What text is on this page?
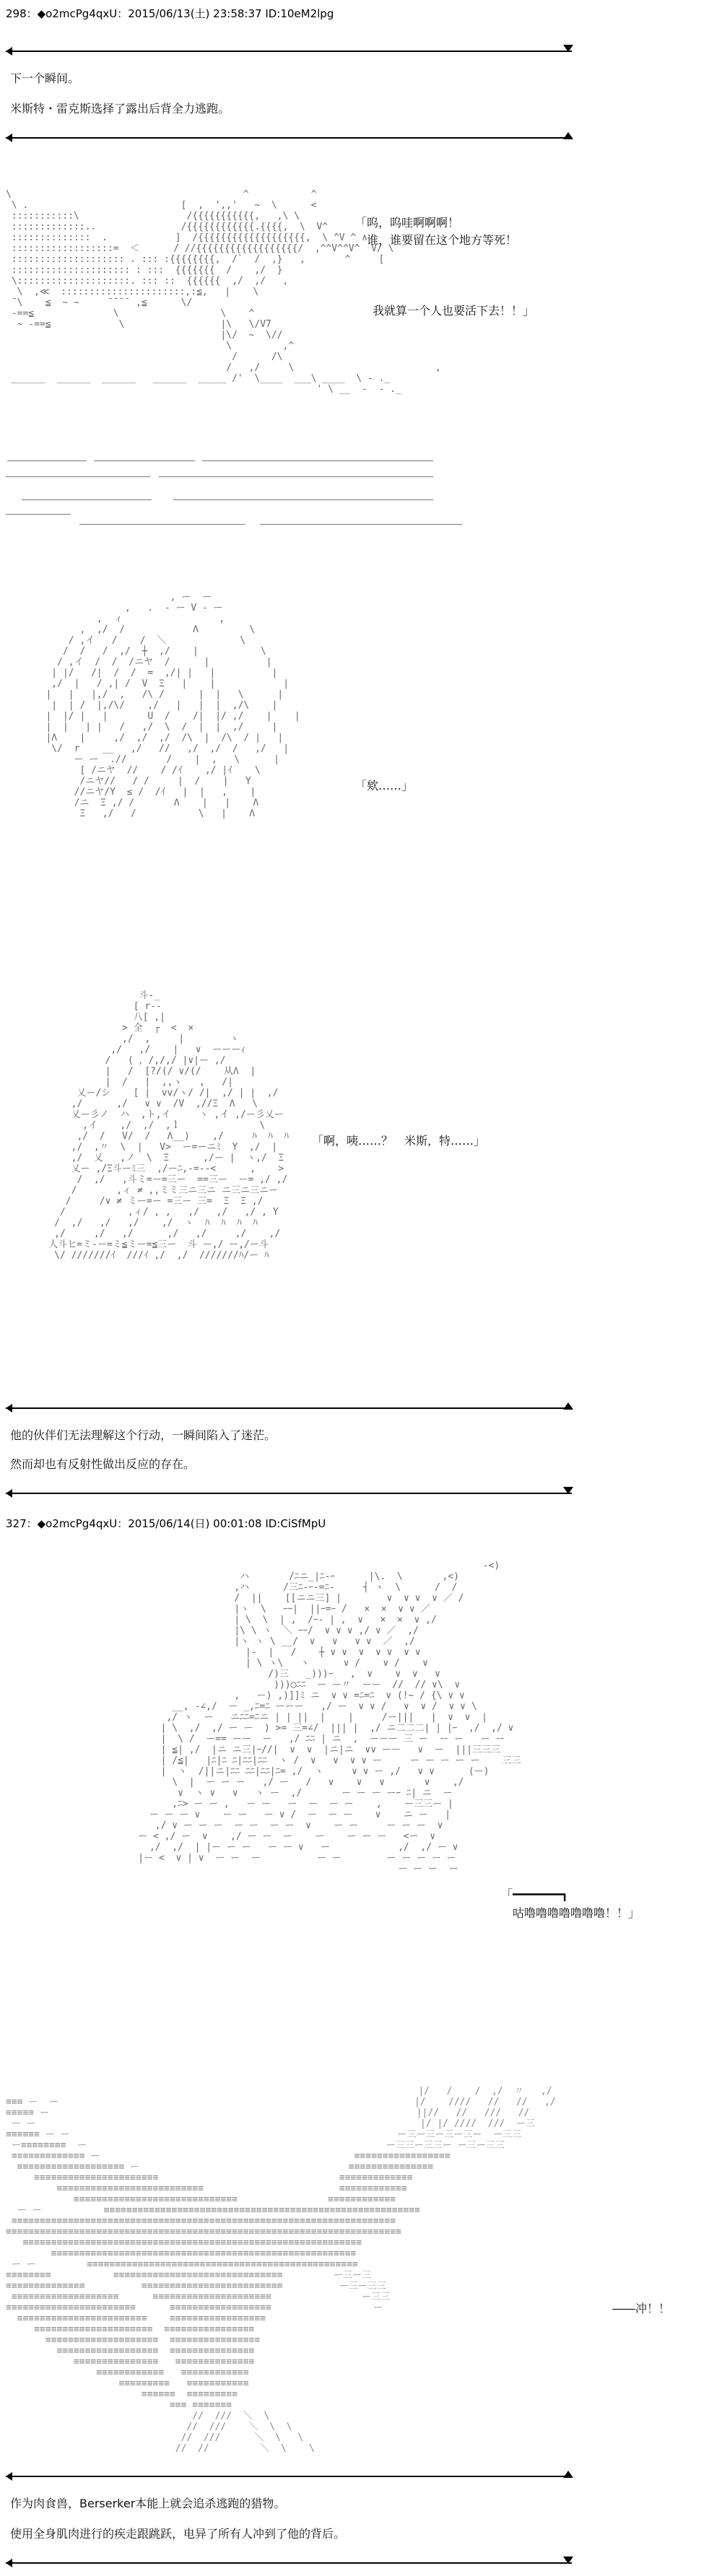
298：◆o2mcPg4qxU：2015/06/13(土) 23:58:37 ID:10eM2lpg
下一个瞬间。
米斯特・雷克斯选择了露出后背全力逃跑。
\                                         ^           ^
\ .                           [  ,  ',,'   ~  \      <
:::::::::::\                   /{{{{{{{{{{{,   ,\ \
:::::::::::::..               /{{{{{{{{{{{{.{{{{,  \  V^
::::::::::::::  .            ]  /{{{{{{{{{{{{{{{{{{{,  \ ^V ^ ∧
::::::::::::::::::=  ＜      / //{{{{{{{{{{{{{{{{{{/  ,^^V^^V^  V/ \
:::::::::::::::::::: . ::: :{{{{{{{{,  /`  /  ,}   ,       ^     [
::::::::::::::::::::: : :::  {{{{{{{  /    ,/  }
\::::::::::::::::::::. ::: ::  {{{{{{  ,/  ,/   ,
\  ,≪  ::::::::::::::::::::::,:≦,   |    \
̄ \    ≦  ~ ~     ̄ ̄ ̄ ̄  ,≦      \/
-==≦              \                  \    ^
~ -==≦            \                 |\   \/V7
|\/  ~  \//
\         ,^
/      /\
/   ,/     \                         ,
______  ______  ______   ______  _____ /'  \____  ___\ ____  \ - ._
' \ __  -  - ._
「呜，呜哇啊啊啊！
谁，谁要留在这个地方等死！
我就算一个人也要活下去！！」
, ー  ー
,   .  - ー V - ー
,  ィ                 ,
,  ,/  /            Λ         \
/ ,イ   /    /  ＼             \
/  /   /  ,/  ┼  ,/    |           \
/ ,イ  /  /  /ニヤ  /      |          |
| |/   /|  /  /  =  ,/| |   |          |
,/  |   / ,| /  V  Ξ   |    |            |
|   |   |,/  ,   /\ /      |  |   \      |
|  | /  |,/\/    ,/   |   |  |  ,/\    |
|  |/ |   |       U  /    /|  |/ ,/    |    |
|  |   | |   /   ,/  \  /  |  |  ,/     |
|Λ    |     ,/  ,/  ,/  /\  |  /\  / |   |
\/  r    __   ,/   //   ,/  ,/  /   ,/   |
ー ー  .//       /    |  ,   \      |
[ /ニヤ  //    / /ｲ    ,/ |ｲ    \
/ニヤ//   / /     |  /    |   Y
//ニヤ/Y  ≤ /  /ｲ   |  |   ,    |
/ニ  Ξ ,/ /       Λ    |   |    Λ
Ξ   ,/   /           \   |    Λ
「欸……」
斗-_
[ r--
八[ ,|
> 全  ┌  <  ×
,/  ,     |        ヽ
,/   ,/    |   ∨  ーーーｨ
/   ( ，/,/,/ |∨|ー ,/
|   /  [?/(/ ∨/(/    从Λ  |
|  /   |  ,,ヽ   ,   /|
乂ー/シ    [ |  vv/ヽ/ /|  ,/ | |  ,/
,/      ,/   ∨ ∨  /V  ,//Ξ  Λ   \
乂ー彡ノ  ハ  ,ト,イ     ヽ ,イ ,/ー彡乂ー
,イ    ,/  ,/  ,ｌ              \
,/  /   V/  /   Λ__)    ,/     ﾊ  ﾊ  ﾊ
,/  ,〃  \  |   V>  ー=ーニﾐ  Y  ,/  |
,/  乂   ,ノ  \  Ξ      ,/ー |  ヽ,/  Ξ
乂ー ,/Ξ斗ーﾐ三  ,/ーﾆ,-=--<      ,    >
/  ,/   ,斗ミ=ー=三ー  ==三ー  ー= ,/ ,/
/       ,ィ ≠ ,,ミミ三ニ三ニ ニ三ニ三ニー
/     /∨ ≠ ミー=ー =三ー 三=  Ξ  Ξ ,/
/           ,ィ/ , ,   ,/   ,/   ,/ , Y
/  ,/   ,/   ,/    ,/  ヽ  ﾊ  ﾊ  ﾊ  ﾊ
,/     ,/   ,/      ,/   ,/     ,/    ,/
人斗ヒ=ミ-ー=ミ≦ミー=≦三ー  斗 ー,/ ー,/ー斗
\/ ///////ｲ  ///ｲ ,/  ,/  ///////ﾊ/ー ﾊ
「啊，咦……？　米斯，特……」
他的伙伴们无法理解这个行动，一瞬间陷入了迷茫。
然而却也有反射性做出反应的存在。
327：◆o2mcPg4qxU：2015/06/14(日) 00:01:08 ID:CiSfMpU
-<)
ハ       /ﾆニ_|ﾆ-ｰ      |\.  \       ,<)
,ハ      /三ﾆ-ｰ-=ﾆ-     ┤ ヽ  \      /  /
/  ||    [[ニニ三] |        ∨  ∨ ∨  ∨ ／ /
|ヽ  \   ｰｰ|  ||ｰ=ｰ /   ×  ×  ∨ ∨ ／
| \  \  | ,  /ｰ- | ,  ∨   ×  ×  ∨ ,/
|\ \ ヽ  ＼ ｰｰ/  ∨ ∨ ∨ ,/ ∨ ／  ,/
|ヽ ヽ \ __/  ∨   ∨   ∨ ∨  ／  ,/
|-  |   /    ┼ ∨ ∨  ∨  ∨ ∨  ∨ ∨
| \ ヽ\   ヽ      ∨ /    ∨ /    ∨
/)三   _)))ｰ   ,  ∨    ∨  ∨   ∨
)))◯ﾆﾆ  ー ー〃  ーー  //  // ∨\  ∨
,   ー) ,)]]ﾐ ニ  ∨ ∨ =ﾆ=ﾆ  ∨ (!~ / {\ ∨ ∨
__, -∠,/  ー _,ﾆ=ﾆ ーーー   ,/ ー  ∨ ∨ /   ∨  ∨ /  ∨ ∨ \
,/ ヽ  ー   ニﾆﾆ=ﾆニ | | ||  |    |     /ー|||   |  ∨  ∨  |
| \  ,/  ,/ ー ー  ) >= 三=∠/  ||| |  ,/ ニ二二二| | |ｰ  ,/  ,/ ∨
|  \ /  ー== ーー  ー   ,/ ﾆﾆ | ニ  ,  ーーー 三 ー  ー ー   ー ー
| ≦| ,/  |ニ ニ三|ｰ//|  ∨  ∨  |ニ|ニ  ∨∨ ーー   ∨  ー  |||三三三
| /≦|   |ﾆ|ﾆ ﾆ|ﾆﾆ|ﾆﾆ  ヽ /  ∨   ∨  ∨ ∨ ー     ー ー ー ー ー    三三
|  ヽ  /||ニ|ﾆﾆ ﾆﾆ|ﾆﾆ|ﾆ= ,/  ヽ     ∨ ∨ ー ,/   ∨ ∨      (ー)
\  |  ー ー ー   ,/ ー   /   ∨    ∨   ∨       ∨    ,/
∨  ヽ ∨   ∨   ヽ ー  ,/       ー ー ー ーｰ ﾆ| ニ  ー
,ﾆ> ー ー ,   ー ー   ー  ー  ー ー    ,    ー三三ー |
ー ー ー ∨    ー ー   ー ∨ /  ー  ー ー    ∨    ニ ー   |
,/ ∨ ー ー ー  ー ー  ー ー  ∨    ー ー     ー ー ー  ∨
ー < ,/ ー  ∨    ,/ ー ー  ー    ー    ー ー ー   <ー  ∨
,/  ,/  | |ー ー ー   ー ー ∨   ー            ,/  ,/ ー ∨
|ー <  ∨ | ∨  ー ー  ー          ー ー        ー ー ー ー ー
ー ー ー  ー
「━━━━━━━┓
咕噜噜噜噜噜噜噜！！」
|/   /    /  ,/  〃   ,/
≡≡≡ ー  ー                                                               |/    ////   //   //   ,/
≡≡≡≡≡ ー                                                                 ||//   //   ///   //
ー ー                                                                    |/ |/ ////  ///  ー三
≡≡≡≡≡≡ ー ー                                                          ー三ー三ー三ー三ー  ー三三
ー≡≡≡≡≡≡≡≡  ー                                                     ー三三ー三三ー ー三ー三三
≡≡≡≡≡≡≡≡≡≡≡≡≡ ー                                             ≡≡≡≡≡≡≡≡≡≡≡≡≡≡≡≡≡
≡≡≡≡≡≡≡≡≡≡≡≡≡≡≡≡≡≡≡ ー                                     ≡≡≡≡≡≡≡≡≡≡≡≡≡≡≡
≡≡≡≡≡≡≡≡≡≡≡≡≡≡≡≡≡≡≡≡≡≡                                ≡≡≡≡≡≡≡≡≡≡≡≡≡
≡≡≡≡≡≡≡≡≡≡≡≡≡≡≡≡≡≡≡≡≡≡≡≡≡≡                        ≡≡≡≡≡≡≡≡≡≡≡≡
≡≡≡≡≡≡≡≡≡≡≡≡≡≡≡≡≡≡≡≡≡≡≡≡≡≡≡≡≡                ≡≡≡≡≡≡≡≡≡≡≡≡
ー ー           ≡≡≡≡≡≡≡≡≡≡≡≡≡≡≡≡≡≡≡≡≡≡≡≡≡≡≡≡≡≡≡≡≡≡≡≡≡≡≡≡≡≡≡≡≡≡≡≡≡≡≡≡≡≡≡≡
≡≡≡≡≡≡≡≡≡≡≡≡≡≡≡≡≡≡≡≡≡≡≡≡≡≡≡≡≡≡≡≡≡≡≡≡≡≡≡≡≡≡≡≡≡≡≡≡≡≡≡≡≡≡≡≡≡≡≡≡≡≡≡≡≡≡≡≡
≡≡≡≡≡≡≡≡≡≡≡≡≡≡≡≡≡≡≡≡≡≡≡≡≡≡≡≡≡≡≡≡≡≡≡≡≡≡≡≡≡≡≡≡≡≡≡≡≡≡≡≡≡≡≡≡≡≡≡≡≡≡≡≡≡≡≡≡≡≡
≡≡≡≡≡≡≡≡≡≡≡≡≡≡≡≡≡≡≡≡≡≡≡≡≡≡≡≡≡≡≡≡≡≡≡≡≡≡≡≡≡≡≡≡≡≡≡≡≡≡≡≡≡≡≡≡≡≡≡≡
≡≡≡≡≡≡≡≡≡≡≡≡≡≡≡≡≡≡≡≡≡≡≡≡≡≡≡≡≡≡≡≡≡≡≡≡≡≡≡≡≡≡≡≡≡≡≡≡≡≡≡≡≡≡
ー ー         ≡≡≡≡≡≡≡≡≡≡≡≡≡≡≡≡≡≡≡≡≡≡≡≡≡≡≡≡≡≡≡≡≡≡≡≡≡≡≡≡≡≡≡≡≡≡≡≡
≡≡≡≡≡≡≡≡           ≡≡≡≡≡≡≡≡≡≡≡≡≡≡≡≡≡≡≡≡≡≡≡≡≡≡≡≡≡≡         ー三ー三
≡≡≡≡≡≡≡≡≡≡≡≡≡≡          ≡≡≡≡≡≡≡≡≡≡≡≡≡≡≡≡≡≡≡≡≡≡≡≡≡          ー三ー三三
≡≡≡≡≡≡≡≡≡≡≡≡≡≡≡≡≡≡≡      ≡≡≡≡≡≡≡≡≡≡≡≡≡≡≡≡≡≡≡≡≡                ー三三
≡≡≡≡≡≡≡≡≡≡≡≡≡≡≡≡≡≡≡≡≡≡≡      ≡≡≡≡≡≡≡≡≡≡≡≡≡≡≡≡≡≡                  ー
≡≡≡≡≡≡≡≡≡≡≡≡≡≡≡≡≡≡≡≡≡≡≡    ≡≡≡≡≡≡≡≡≡≡≡≡≡≡≡≡≡
≡≡≡≡≡≡≡≡≡≡≡≡≡≡≡≡≡≡≡≡≡  ≡≡≡≡≡≡≡≡≡≡≡≡≡≡≡≡
≡≡≡≡≡≡≡≡≡≡≡≡≡≡≡≡≡≡≡≡  ≡≡≡≡≡≡≡≡≡≡≡≡≡≡≡≡
≡≡≡≡≡≡≡≡≡≡≡≡≡≡≡≡≡≡  ≡≡≡≡≡≡≡≡≡≡≡≡≡≡≡
≡≡≡≡≡≡≡≡≡≡≡≡≡≡≡   ≡≡≡≡≡≡≡≡≡≡≡≡≡≡
≡≡≡≡≡≡≡≡≡≡≡≡   ≡≡≡≡≡≡≡≡≡≡≡≡
≡≡≡≡≡≡≡≡≡   ≡≡≡≡≡≡≡≡≡≡≡
≡≡≡≡≡≡  ≡≡≡≡≡≡≡≡≡
≡≡≡ ≡≡≡≡≡≡≡
//  ///  ＼  \
//  ///    ＼  \  \
//  ///      ＼  \   \
//  //         ＼  \    \
――冲！！
作为肉食兽，Berserker本能上就会追杀逃跑的猎物。
使用全身肌肉进行的疾走跟跳跃，电异了所有人冲到了他的背后。
